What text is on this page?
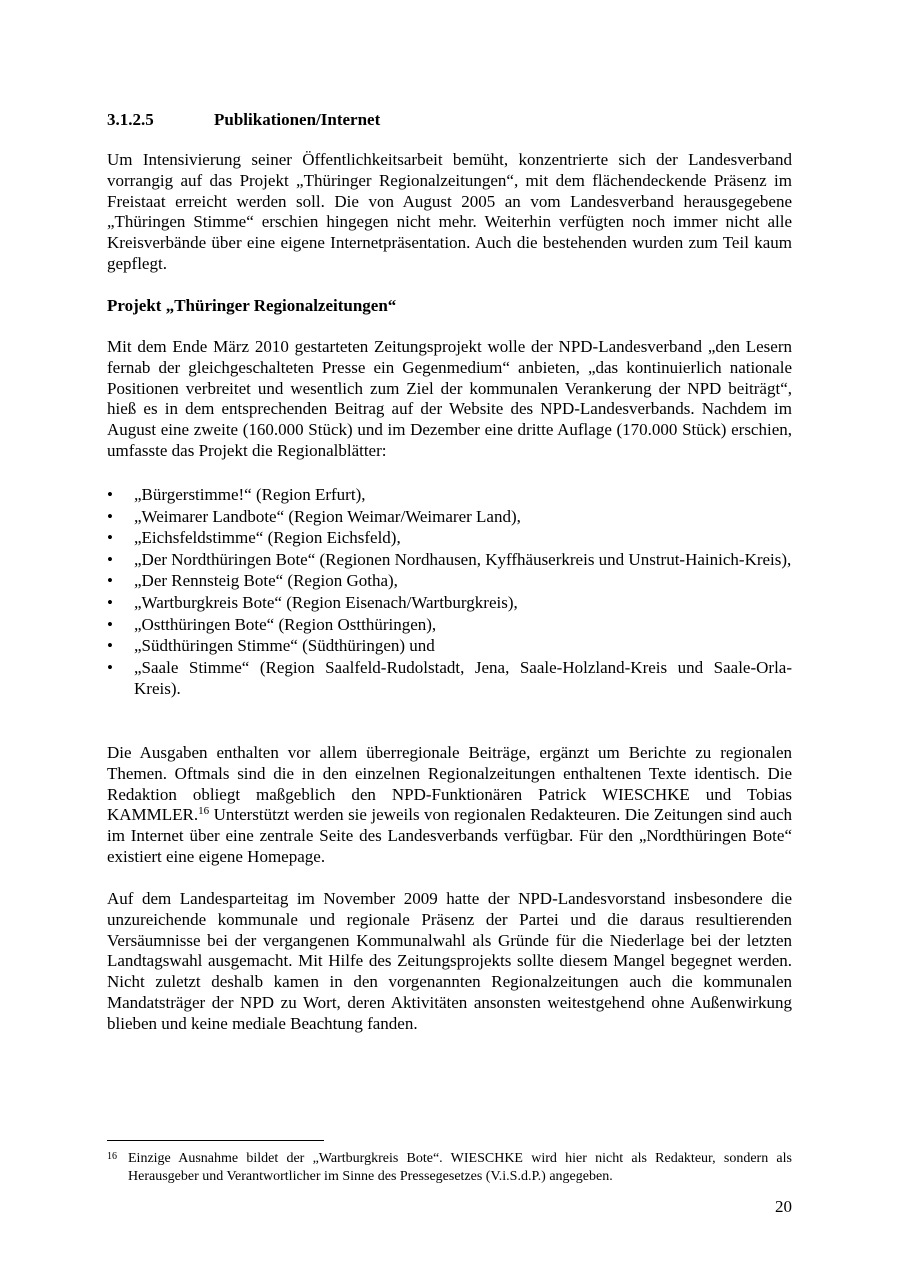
3.1.2.5	Publikationen/Internet

Um Intensivierung seiner Öffentlichkeitsarbeit bemüht, konzentrierte sich der Landesverband vorrangig auf das Projekt „Thüringer Regionalzeitungen“, mit dem flächendeckende Präsenz im Freistaat erreicht werden soll. Die von August 2005 an vom Landesverband herausgegebene „Thüringen Stimme“ erschien hingegen nicht mehr. Weiterhin verfügten noch immer nicht alle Kreisverbände über eine eigene Internetpräsentation. Auch die bestehenden wurden zum Teil kaum gepflegt.

Projekt „Thüringer Regionalzeitungen“

Mit dem Ende März 2010 gestarteten Zeitungsprojekt wolle der NPD-Landesverband „den Lesern fernab der gleichgeschalteten Presse ein Gegenmedium“ anbieten, „das kontinuierlich nationale Positionen verbreitet und wesentlich zum Ziel der kommunalen Verankerung der NPD beiträgt“, hieß es in dem entsprechenden Beitrag auf der Website des NPD-Landesverbands. Nachdem im August eine zweite (160.000 Stück) und im Dezember eine dritte Auflage (170.000 Stück) erschien, umfasste das Projekt die Regionalblätter:

• „Bürgerstimme!“ (Region Erfurt),
• „Weimarer Landbote“ (Region Weimar/Weimarer Land),
• „Eichsfeldstimme“ (Region Eichsfeld),
• „Der Nordthüringen Bote“ (Regionen Nordhausen, Kyffhäuserkreis und Unstrut-Hainich-Kreis),
• „Der Rennsteig Bote“ (Region Gotha),
• „Wartburgkreis Bote“ (Region Eisenach/Wartburgkreis),
• „Ostthüringen Bote“ (Region Ostthüringen),
• „Südthüringen Stimme“ (Südthüringen) und
• „Saale Stimme“ (Region Saalfeld-Rudolstadt, Jena, Saale-Holzland-Kreis und Saale-Orla-Kreis).

Die Ausgaben enthalten vor allem überregionale Beiträge, ergänzt um Berichte zu regionalen Themen. Oftmals sind die in den einzelnen Regionalzeitungen enthaltenen Texte identisch. Die Redaktion obliegt maßgeblich den NPD-Funktionären Patrick WIESCHKE und Tobias KAMMLER.$^{16}$ Unterstützt werden sie jeweils von regionalen Redakteuren. Die Zeitungen sind auch im Internet über eine zentrale Seite des Landesverbands verfügbar. Für den „Nordthüringen Bote“ existiert eine eigene Homepage.

Auf dem Landesparteitag im November 2009 hatte der NPD-Landesvorstand insbesondere die unzureichende kommunale und regionale Präsenz der Partei und die daraus resultierenden Versäumnisse bei der vergangenen Kommunalwahl als Gründe für die Niederlage bei der letzten Landtagswahl ausgemacht. Mit Hilfe des Zeitungsprojekts sollte diesem Mangel begegnet werden. Nicht zuletzt deshalb kamen in den vorgenannten Regionalzeitungen auch die kommunalen Mandatsträger der NPD zu Wort, deren Aktivitäten ansonsten weitestgehend ohne Außenwirkung blieben und keine mediale Beachtung fanden.

16 Einzige Ausnahme bildet der „Wartburgkreis Bote“. WIESCHKE wird hier nicht als Redakteur, sondern als Herausgeber und Verantwortlicher im Sinne des Pressegesetzes (V.i.S.d.P.) angegeben.
20
